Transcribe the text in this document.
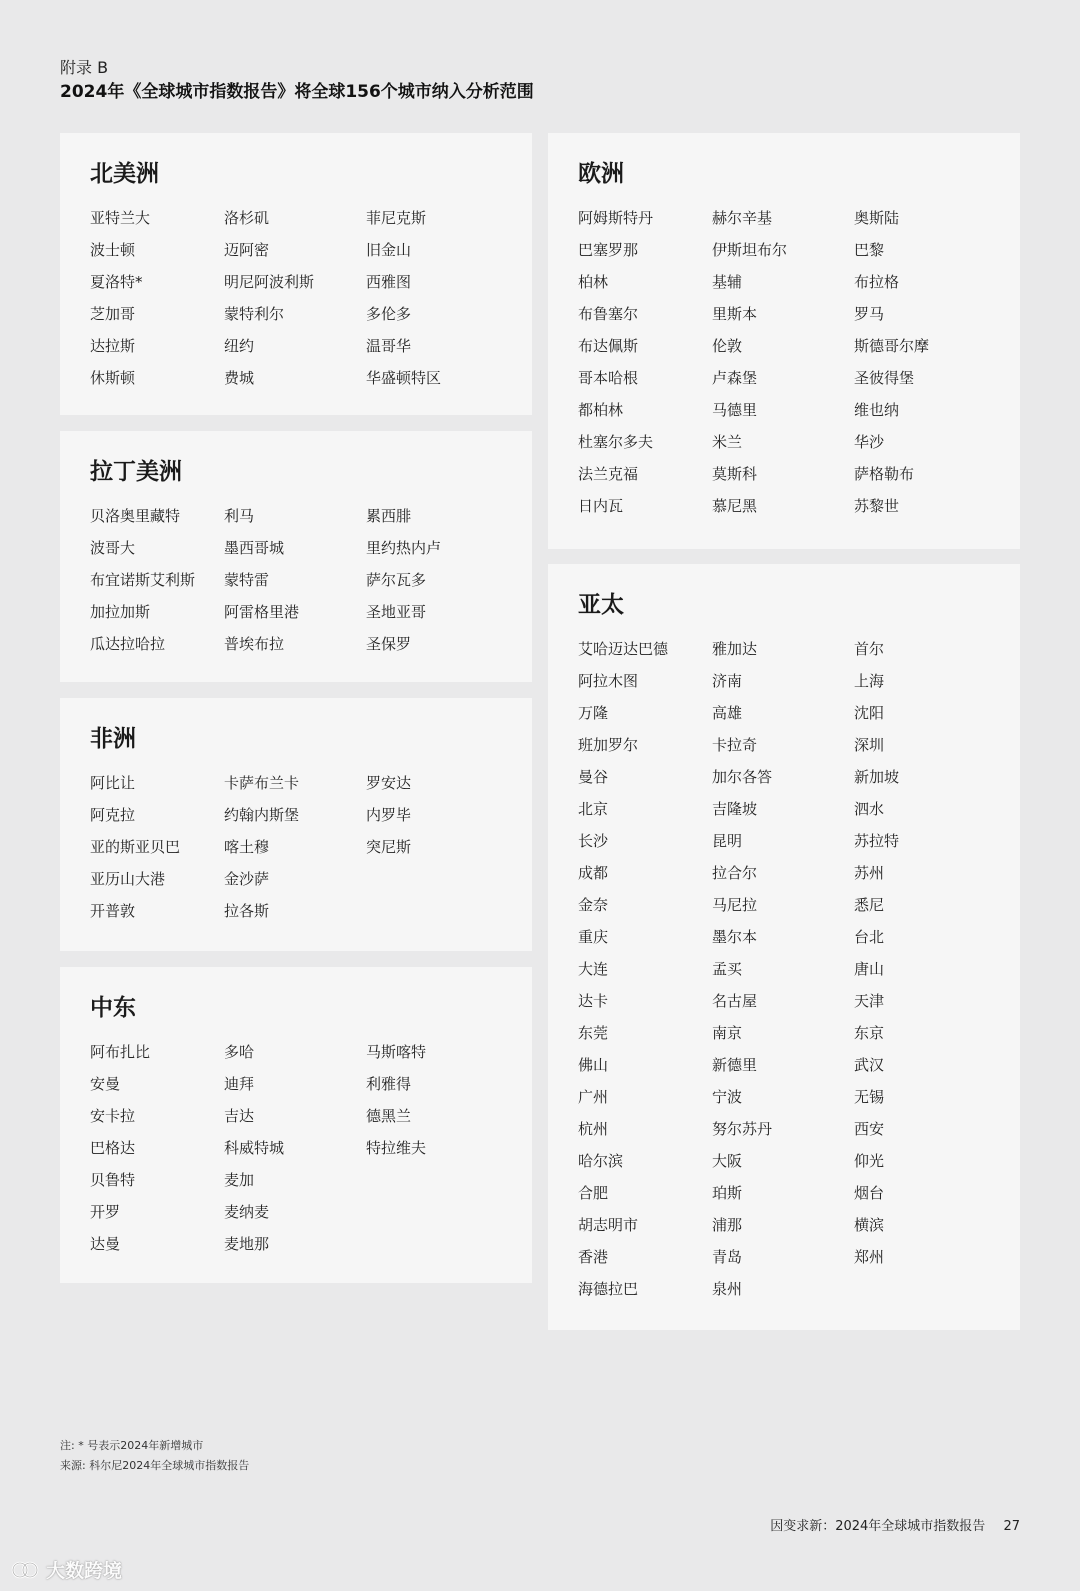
附录 B
2024年《全球城市指数报告》将全球156个城市纳入分析范围
北美洲
亚特兰大	洛杉矶	菲尼克斯
波士顿	迈阿密	旧金山
夏洛特*	明尼阿波利斯	西雅图
芝加哥	蒙特利尔	多伦多
达拉斯	纽约	温哥华
休斯顿	费城	华盛顿特区
拉丁美洲
贝洛奥里藏特	利马	累西腓
波哥大	墨西哥城	里约热内卢
布宜诺斯艾利斯	蒙特雷	萨尔瓦多
加拉加斯	阿雷格里港	圣地亚哥
瓜达拉哈拉	普埃布拉	圣保罗
非洲
阿比让	卡萨布兰卡	罗安达
阿克拉	约翰内斯堡	内罗毕
亚的斯亚贝巴	喀土穆	突尼斯
亚历山大港	金沙萨
开普敦	拉各斯
中东
阿布扎比	多哈	马斯喀特
安曼	迪拜	利雅得
安卡拉	吉达	德黑兰
巴格达	科威特城	特拉维夫
贝鲁特	麦加
开罗	麦纳麦
达曼	麦地那
欧洲
阿姆斯特丹	赫尔辛基	奥斯陆
巴塞罗那	伊斯坦布尔	巴黎
柏林	基辅	布拉格
布鲁塞尔	里斯本	罗马
布达佩斯	伦敦	斯德哥尔摩
哥本哈根	卢森堡	圣彼得堡
都柏林	马德里	维也纳
杜塞尔多夫	米兰	华沙
法兰克福	莫斯科	萨格勒布
日内瓦	慕尼黑	苏黎世
亚太
艾哈迈达巴德	雅加达	首尔
阿拉木图	济南	上海
万隆	高雄	沈阳
班加罗尔	卡拉奇	深圳
曼谷	加尔各答	新加坡
北京	吉隆坡	泗水
长沙	昆明	苏拉特
成都	拉合尔	苏州
金奈	马尼拉	悉尼
重庆	墨尔本	台北
大连	孟买	唐山
达卡	名古屋	天津
东莞	南京	东京
佛山	新德里	武汉
广州	宁波	无锡
杭州	努尔苏丹	西安
哈尔滨	大阪	仰光
合肥	珀斯	烟台
胡志明市	浦那	横滨
香港	青岛	郑州
海德拉巴	泉州
注: * 号表示2024年新增城市
来源: 科尔尼2024年全球城市指数报告
因变求新：2024年全球城市指数报告 27
大数跨境
